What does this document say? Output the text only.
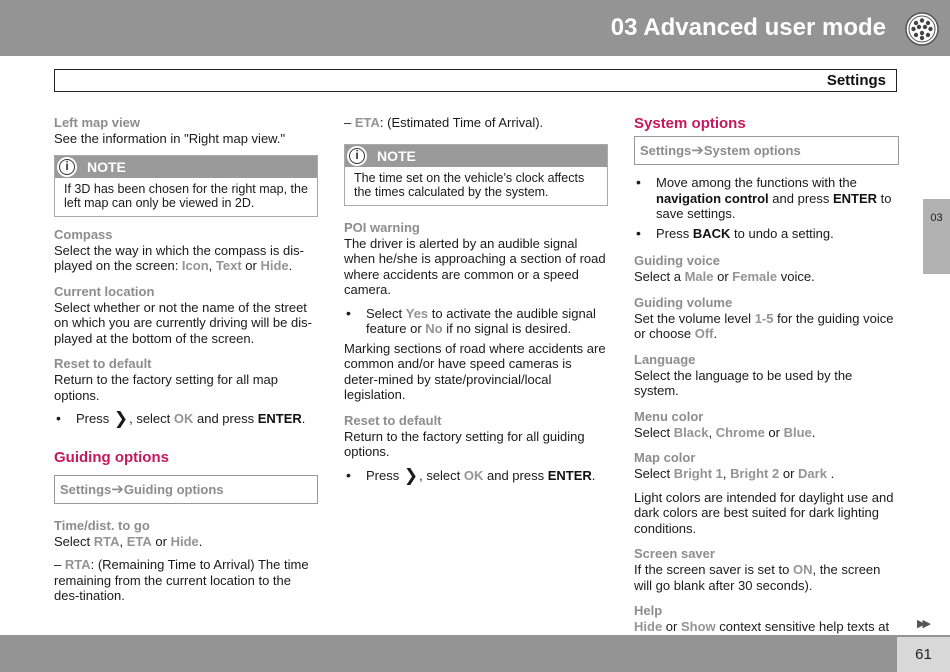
03 Advanced user mode
Settings
03
Left map view

See the information in "Right map view."

i	NOTE
If 3D has been chosen for the right map, the left map can only be viewed in 2D.
Compass

Select the way in which the compass is dis-played on the screen: Icon, Text or Hide.

Current location

Select whether or not the name of the street on which you are currently driving will be dis-played at the bottom of the screen.

Reset to default

Return to the factory setting for all map options.

• Press ❯, select OK and press ENTER.
Guiding options
Settings➔Guiding options
Time/dist. to go

Select RTA, ETA or Hide.

– RTA: (Remaining Time to Arrival) The time remaining from the current location to the des-tination.

– ETA: (Estimated Time of Arrival).

i	NOTE
The time set on the vehicle’s clock affects the times calculated by the system.
POI warning

The driver is alerted by an audible signal when he/she is approaching a section of road where accidents are common or a speed camera.

• Select Yes to activate the audible signal feature or No if no signal is desired.

Marking sections of road where accidents are common and/or have speed cameras is deter-mined by state/provincial/local legislation.

Reset to default

Return to the factory setting for all guiding options.

• Press ❯, select OK and press ENTER.
System options
Settings➔System options
• Move among the functions with the navigation control and press ENTER to save settings.
• Press BACK to undo a setting.
Guiding voice

Select a Male or Female voice.

Guiding volume

Set the volume level 1-5 for the guiding voice or choose Off.

Language

Select the language to be used by the system.

Menu color

Select Black, Chrome or Blue.

Map color

Select Bright 1, Bright 2 or Dark .

Light colors are intended for daylight use and dark colors are best suited for dark lighting conditions.

Screen saver

If the screen saver is set to ON, the screen will go blank after 30 seconds).

Help

Hide or Show context sensitive help texts at	▶▶
61
